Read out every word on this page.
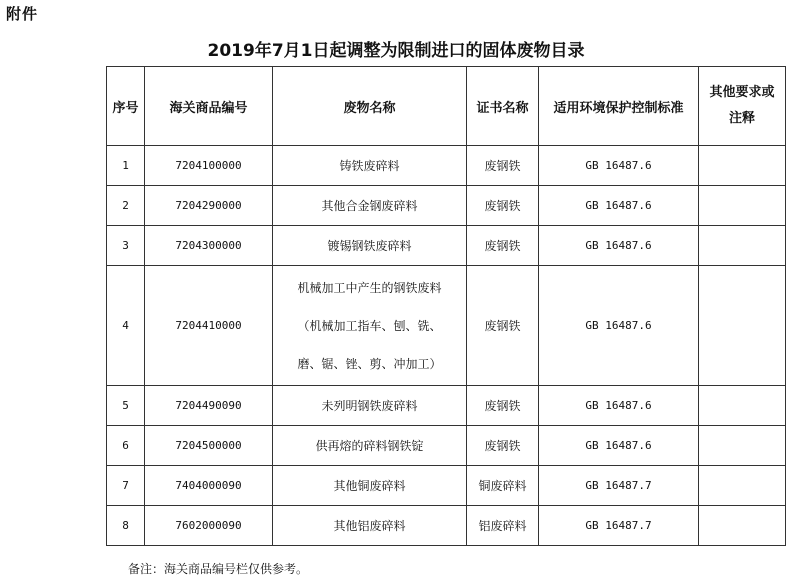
附件
2019年7月1日起调整为限制进口的固体废物目录
序号	海关商品编号	废物名称	证书名称	适用环境保护控制标准	其他要求或
注释

1	7204100000	铸铁废碎料	废钢铁	GB 16487.6	
2	7204290000	其他合金钢废碎料	废钢铁	GB 16487.6	
3	7204300000	镀锡钢铁废碎料	废钢铁	GB 16487.6	
4	7204410000	机械加工中产生的钢铁废料
（机械加工指车、刨、铣、
磨、锯、锉、剪、冲加工）	废钢铁	GB 16487.6	
5	7204490090	未列明钢铁废碎料	废钢铁	GB 16487.6	
6	7204500000	供再熔的碎料钢铁锭	废钢铁	GB 16487.6	
7	7404000090	其他铜废碎料	铜废碎料	GB 16487.7	
8	7602000090	其他铝废碎料	铝废碎料	GB 16487.7	
备注：海关商品编号栏仅供参考。
